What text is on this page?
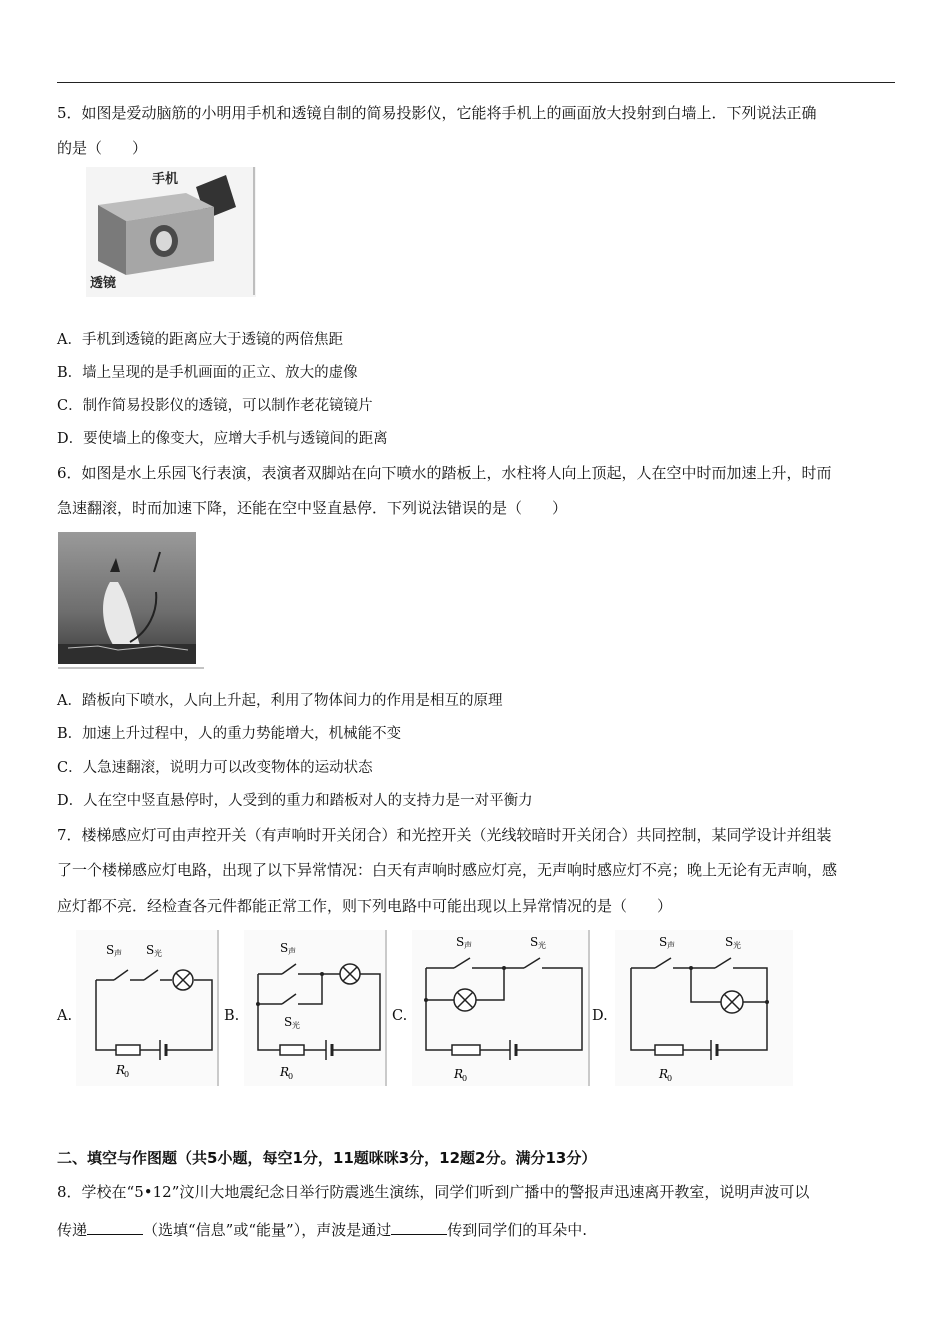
5．如图是爱动脑筋的小明用手机和透镜自制的简易投影仪，它能将手机上的画面放大投射到白墙上．下列说法正确
的是（　　）
手机
透镜
A．手机到透镜的距离应大于透镜的两倍焦距
B．墙上呈现的是手机画面的正立、放大的虚像
C．制作简易投影仪的透镜，可以制作老花镜镜片
D．要使墙上的像变大，应增大手机与透镜间的距离
6．如图是水上乐园飞行表演，表演者双脚站在向下喷水的踏板上，水柱将人向上顶起，人在空中时而加速上升，时而
急速翻滚，时而加速下降，还能在空中竖直悬停．下列说法错误的是（　　）
A．踏板向下喷水，人向上升起，利用了物体间力的作用是相互的原理
B．加速上升过程中，人的重力势能增大，机械能不变
C．人急速翻滚，说明力可以改变物体的运动状态
D．人在空中竖直悬停时，人受到的重力和踏板对人的支持力是一对平衡力
7．楼梯感应灯可由声控开关（有声响时开关闭合）和光控开关（光线较暗时开关闭合）共同控制，某同学设计并组装
了一个楼梯感应灯电路，出现了以下异常情况：白天有声响时感应灯亮，无声响时感应灯不亮；晚上无论有无声响，感
应灯都不亮．经检查各元件都能正常工作，则下列电路中可能出现以上异常情况的是（　　）
A.	B.	C.	D.
S 声 S 光
R
0
S 声
S 光
R
0
S 声	S 光
R
0
S 声	S 光
R
0
二、填空与作图题（共5小题，每空1分，11题咪咪3分，12题2分。满分13分）
8．学校在“5•12”汶川大地震纪念日举行防震逃生演练，同学们听到广播中的警报声迅速离开教室，说明声波可以
传递	（选填“信息”或“能量”），声波是通过	传到同学们的耳朵中.
